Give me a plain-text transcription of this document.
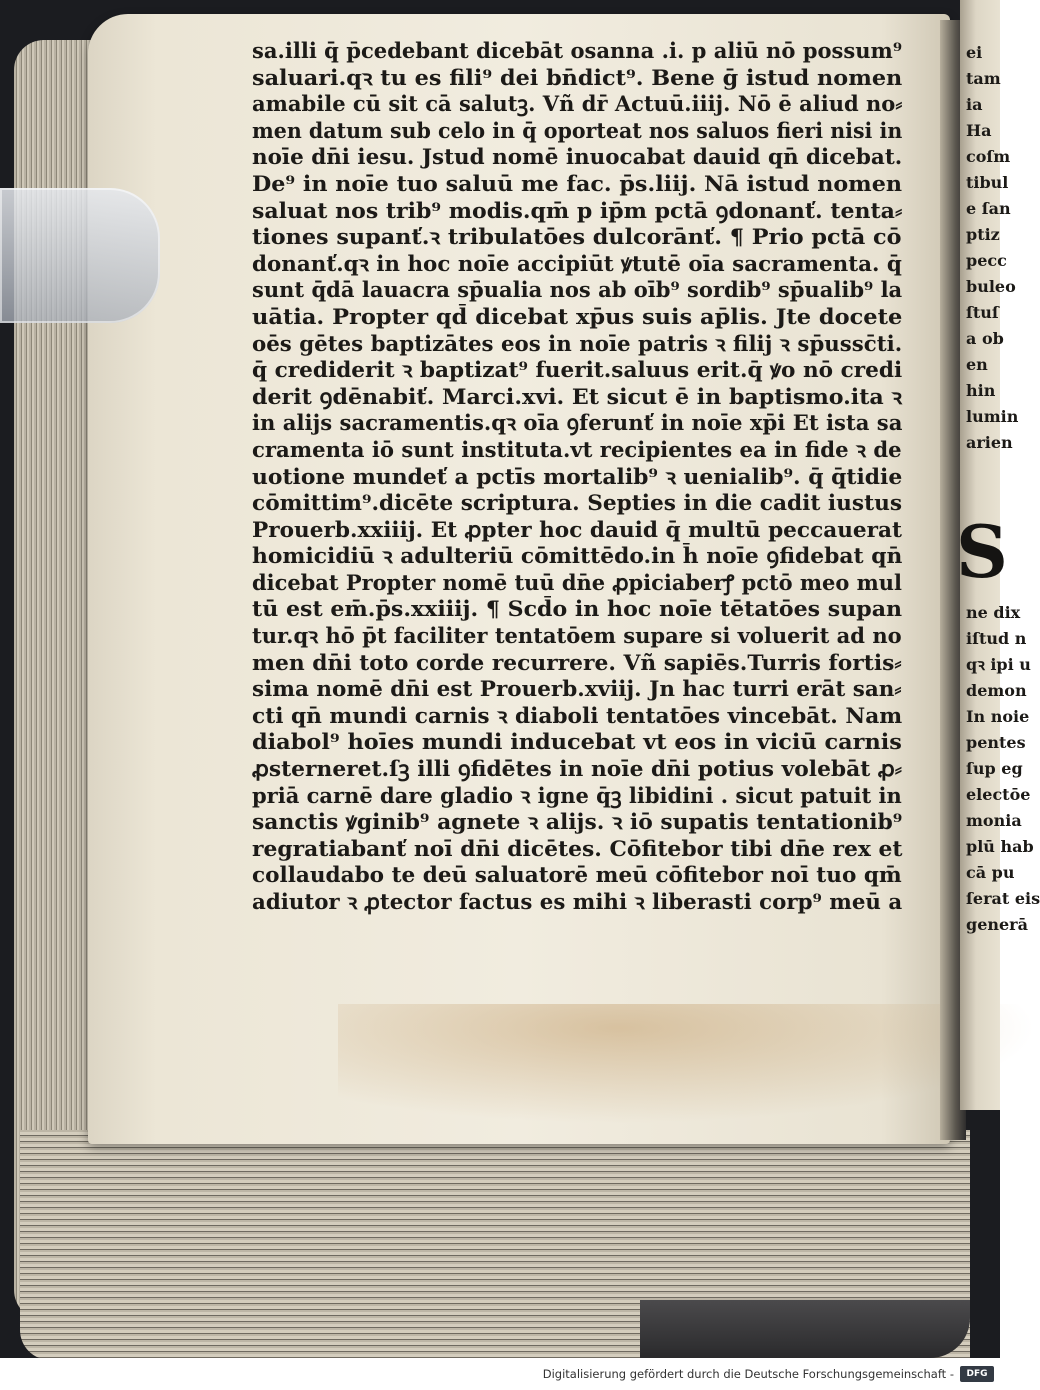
sa.illi q̄ p̄cedebant dicebāt osanna .i. p aliū nō possum⁹
saluari.qꝛ tu es fili⁹ dei bn̄dict⁹. Bene ḡ istud nomen
amabile cū sit cā salutꝫ. Vñ dr̄ Actuū.iiij. Nō ē aliud no⸗
men datum sub celo in q̄ oporteat nos saluos fieri nisi in
noīe dn̄i iesu. Jstud nomē inuocabat dauid qn̄ dicebat.
De⁹ in noīe tuo saluū me fac. p̄s.liij. Nā istud nomen
saluat nos trib⁹ modis.qm̄ p ip̄m pctā ꝯdonanť. tenta⸗
tiones supanť.ꝛ tribulatōes dulcorānť. ¶ Prio pctā cō
donanť.qꝛ in hoc noīe accipiūt ꝟtutē oīa sacramenta. q̄
sunt q̄dā lauacra sp̄ualia nos ab oīb⁹ sordib⁹ sp̄ualib⁹ la
uātia. Propter qd̄ dicebat xp̄us suis ap̄lis. Jte docete
oēs gētes baptizātes eos in noīe patris ꝛ filij ꝛ sp̄ussc̄ti.
q̄ crediderit ꝛ baptizat⁹ fuerit.saluus erit.q̄ ꝟo nō credi
derit ꝯdēnabiť. Marci.xvi. Et sicut ē in baptismo.ita ꝛ
in alijs sacramentis.qꝛ oīa ꝯferunť in noīe xp̄i Et ista sa
cramenta iō sunt instituta.vt recipientes ea in fide ꝛ de
uotione mundeť a pctīs mortalib⁹ ꝛ uenialib⁹. q̄ q̄tidie
cōmittim⁹.dicēte scriptura. Septies in die cadit iustus
Prouerb.xxiiij. Et ꝓpter hoc dauid q̄ multū peccauerat
homicidiū ꝛ adulteriū cōmittēdo.in h̄ noīe ꝯfidebat qn̄
dicebat Propter nomē tuū dn̄e ꝓpiciaberꝭ pctō meo mul
tū est em̄.p̄s.xxiiij. ¶ Scd̄o in hoc noīe tētatōes supan
tur.qꝛ hō p̄t faciliter tentatōem supare si voluerit ad no
men dn̄i toto corde recurrere. Vñ sapiēs.Turris fortis⸗
sima nomē dn̄i est Prouerb.xviij. Jn hac turri erāt san⸗
cti qn̄ mundi carnis ꝛ diaboli tentatōes vincebāt. Nam
diabol⁹ hoīes mundi inducebat vt eos in viciū carnis
ꝓsterneret.ſꝫ illi ꝯfidētes in noīe dn̄i potius volebāt ꝓ⸗
priā carnē dare gladio ꝛ igne q̄ꝫ libidini . sicut patuit in
sanctis ꝟginib⁹ agnete ꝛ alijs. ꝛ iō supatis tentationib⁹
regratiabanť noī dn̄i dicētes. Cōfitebor tibi dn̄e rex et
collaudabo te deū saluatorē meū cōfitebor noī tuo qm̄
adiutor ꝛ ꝓtector factus es mihi ꝛ liberasti corp⁹ meū a
ei
tam
ia
Ha
coſm
tibul
e ſan
ptiz
pecc
buleo
ſtuſ
a ob
en
hin
lumin
arien
S
ne dix
iſtud n
qꝛ ipi u
demon
In noie
pentes
ſup eg
electōe
monia
plū hab
cā pu
ſerat eis
generā
Digitalisierung gefördert durch die Deutsche Forschungsgemeinschaft -	DFG
